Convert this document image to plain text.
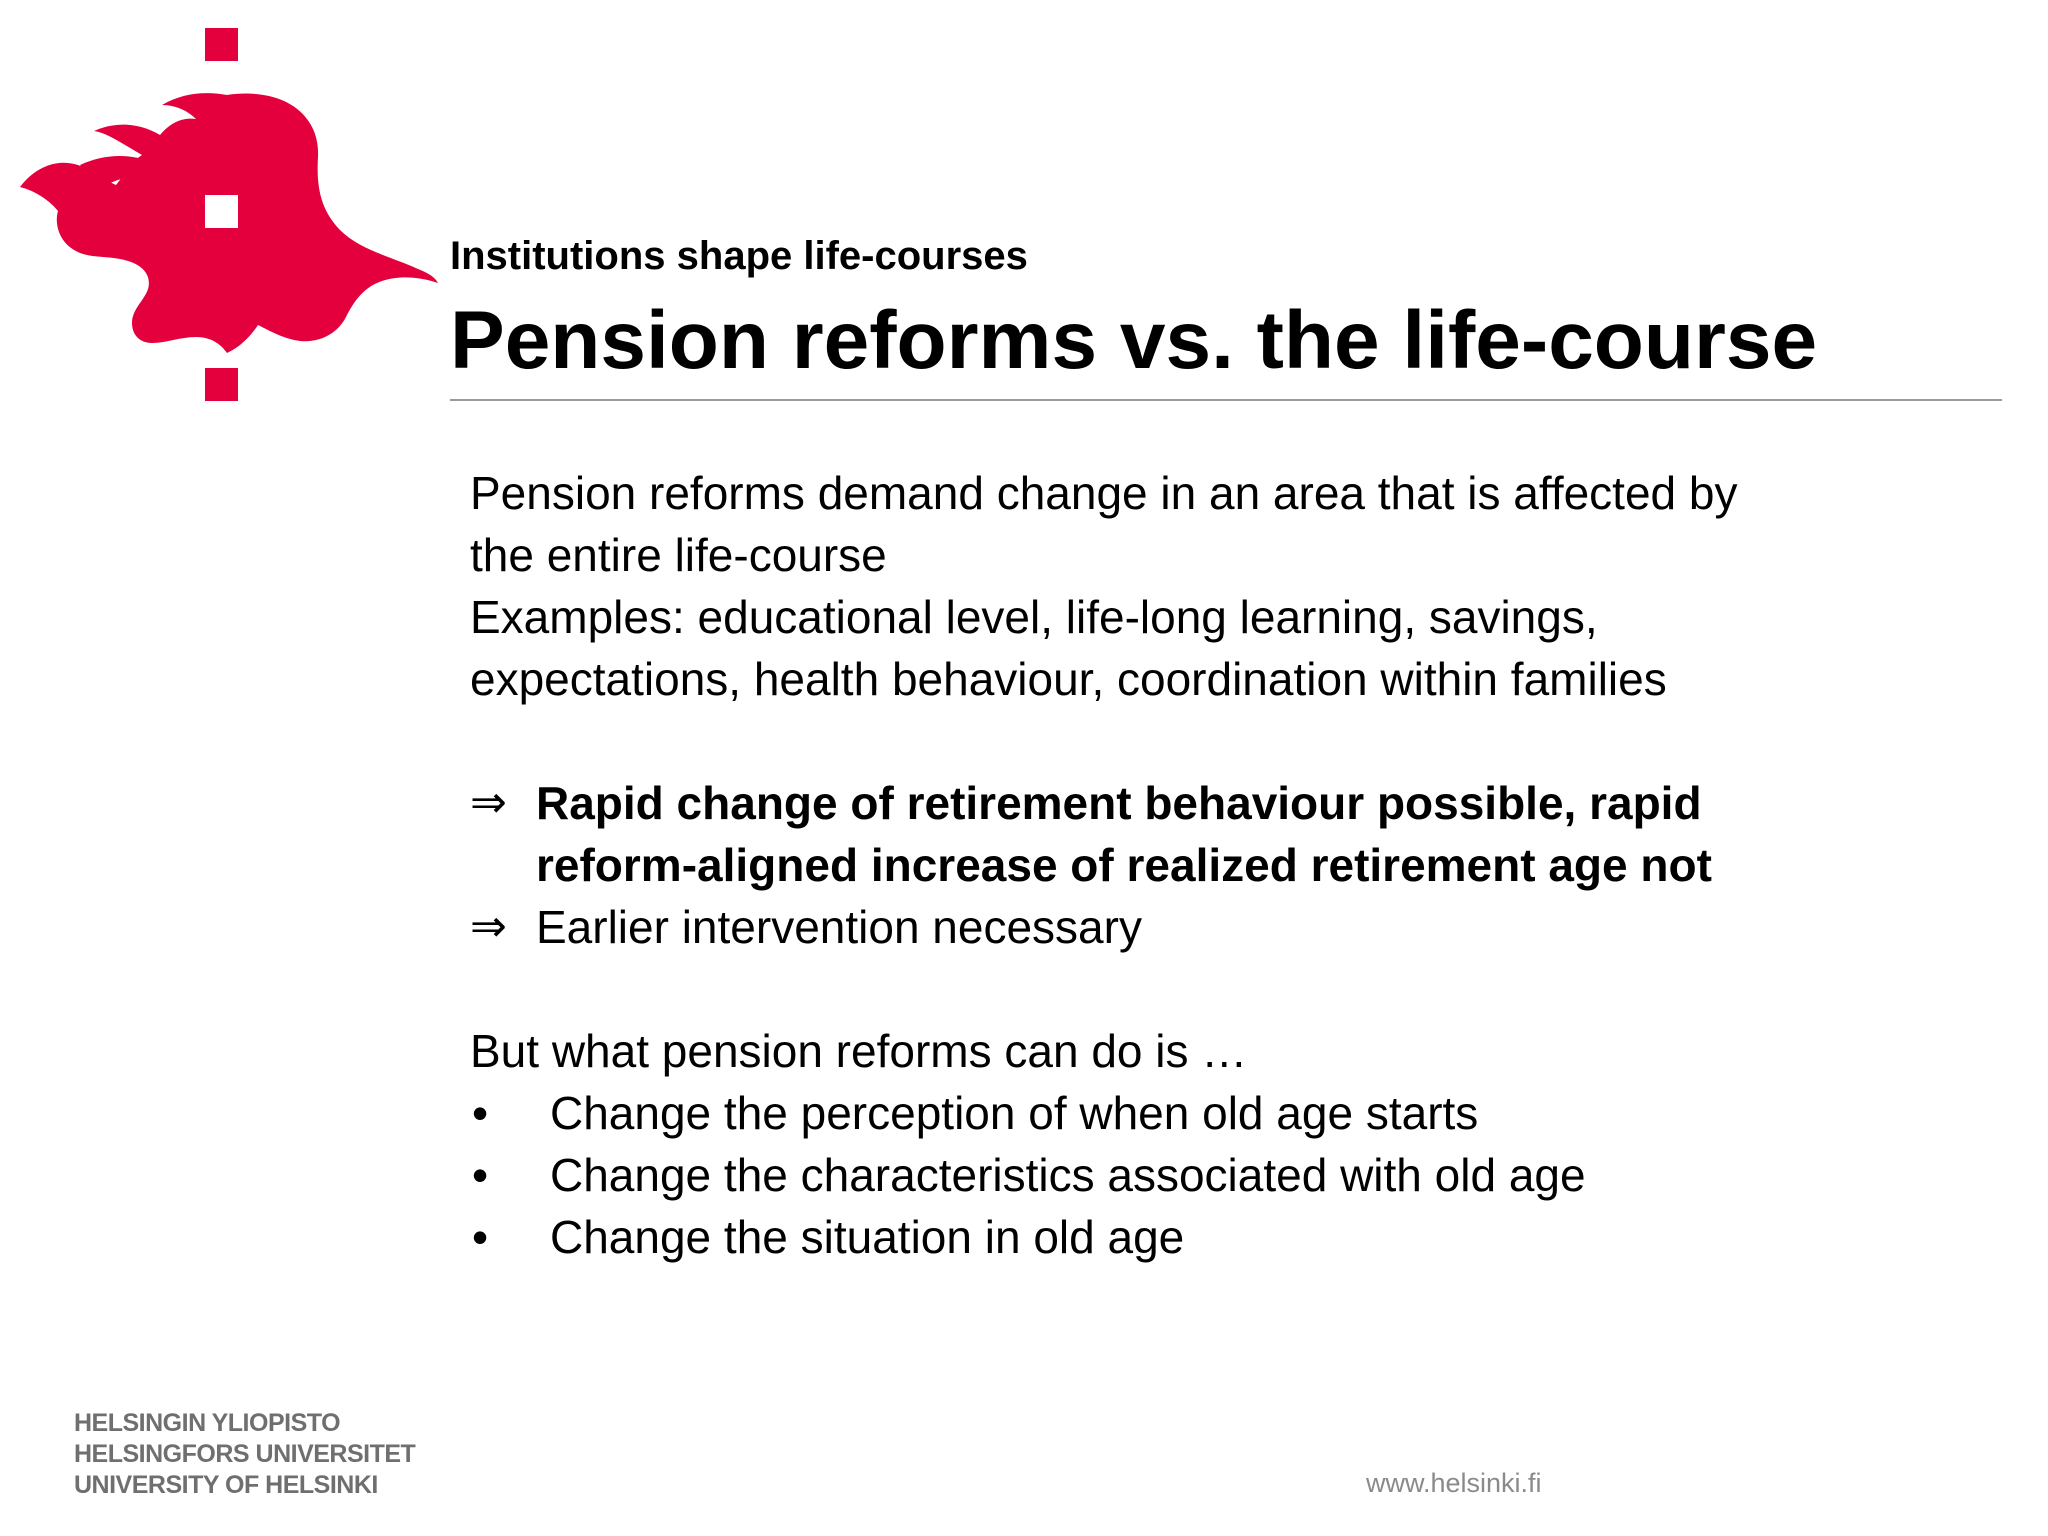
Institutions shape life-courses
Pension reforms vs. the life-course
Pension reforms demand change in an area that is affected by
the entire life-course
Examples: educational level, life-long learning, savings,
expectations, health behaviour, coordination within families
⇒ Rapid change of retirement behaviour possible, rapid
reform-aligned increase of realized retirement age not
⇒ Earlier intervention necessary
But what pension reforms can do is …
•	Change the perception of when old age starts
•	Change the characteristics associated with old age
•	Change the situation in old age
HELSINGIN YLIOPISTO
HELSINGFORS UNIVERSITET
UNIVERSITY OF HELSINKI	www.helsinki.fi
